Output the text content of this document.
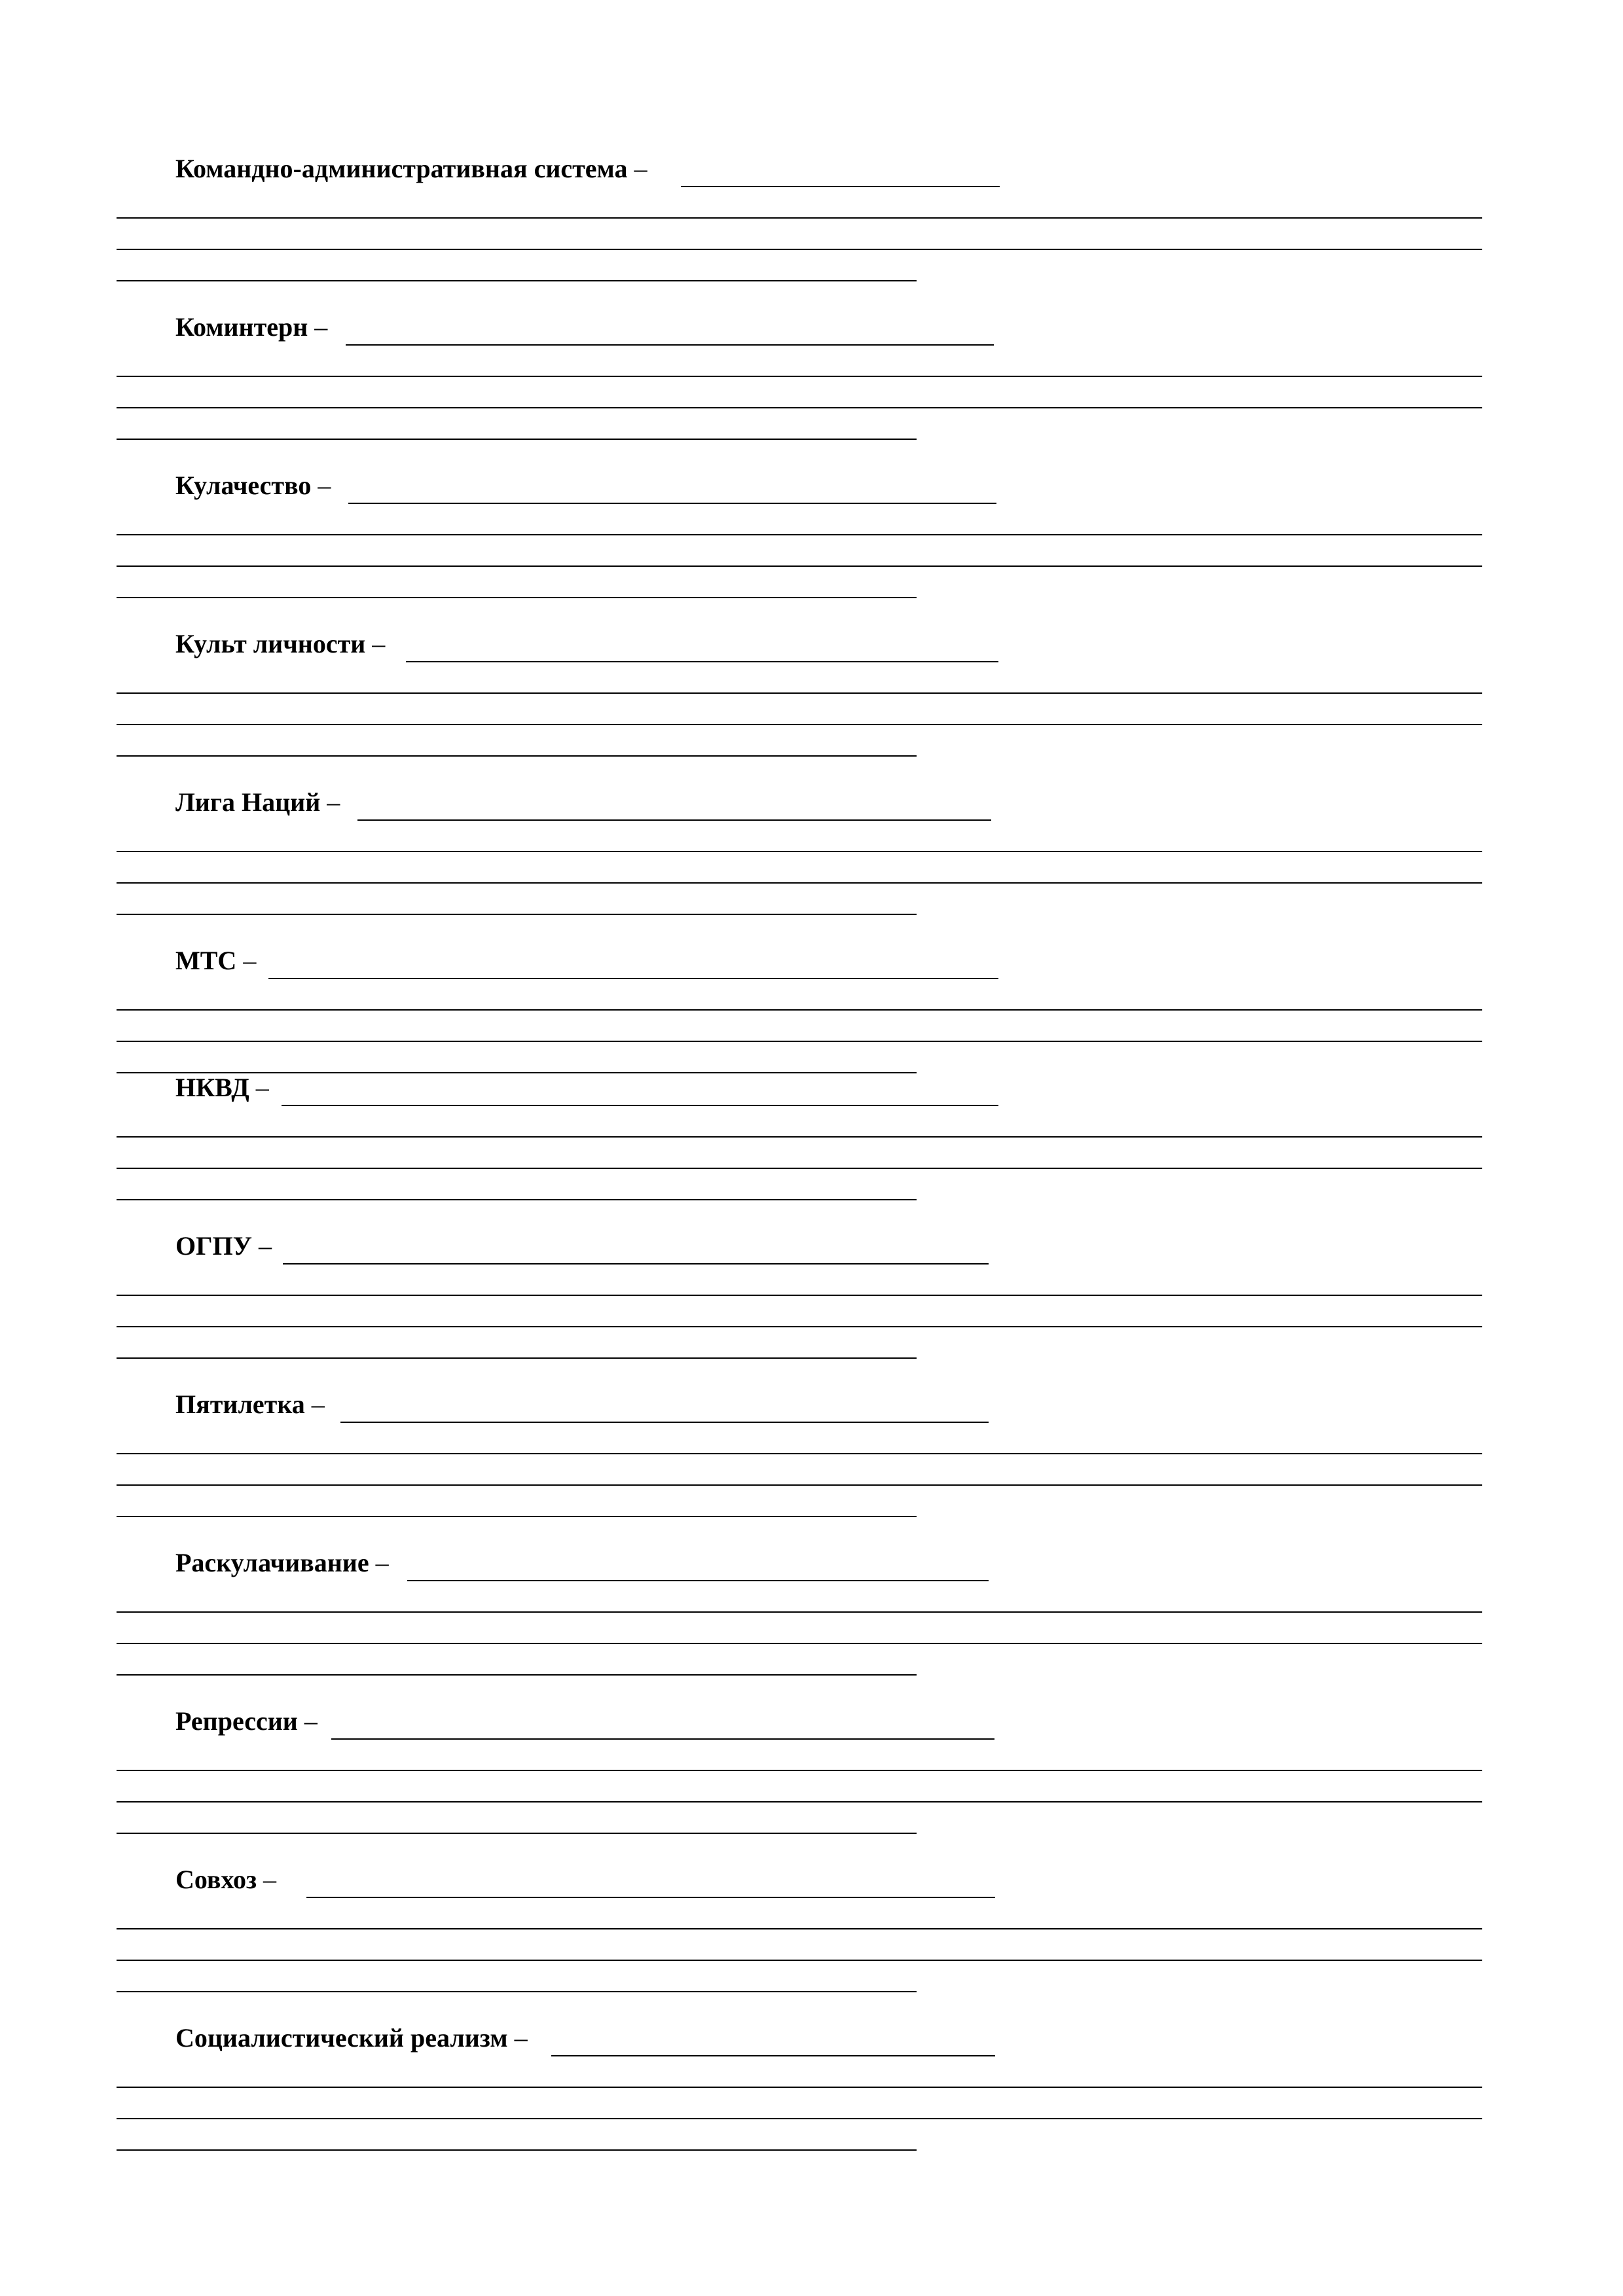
Командно-административная система –
Коминтерн –
Кулачество –
Культ личности –
Лига Наций –
МТС –
НКВД –
ОГПУ –
Пятилетка –
Раскулачивание –
Репрессии –
Совхоз –
Социалистический реализм –
